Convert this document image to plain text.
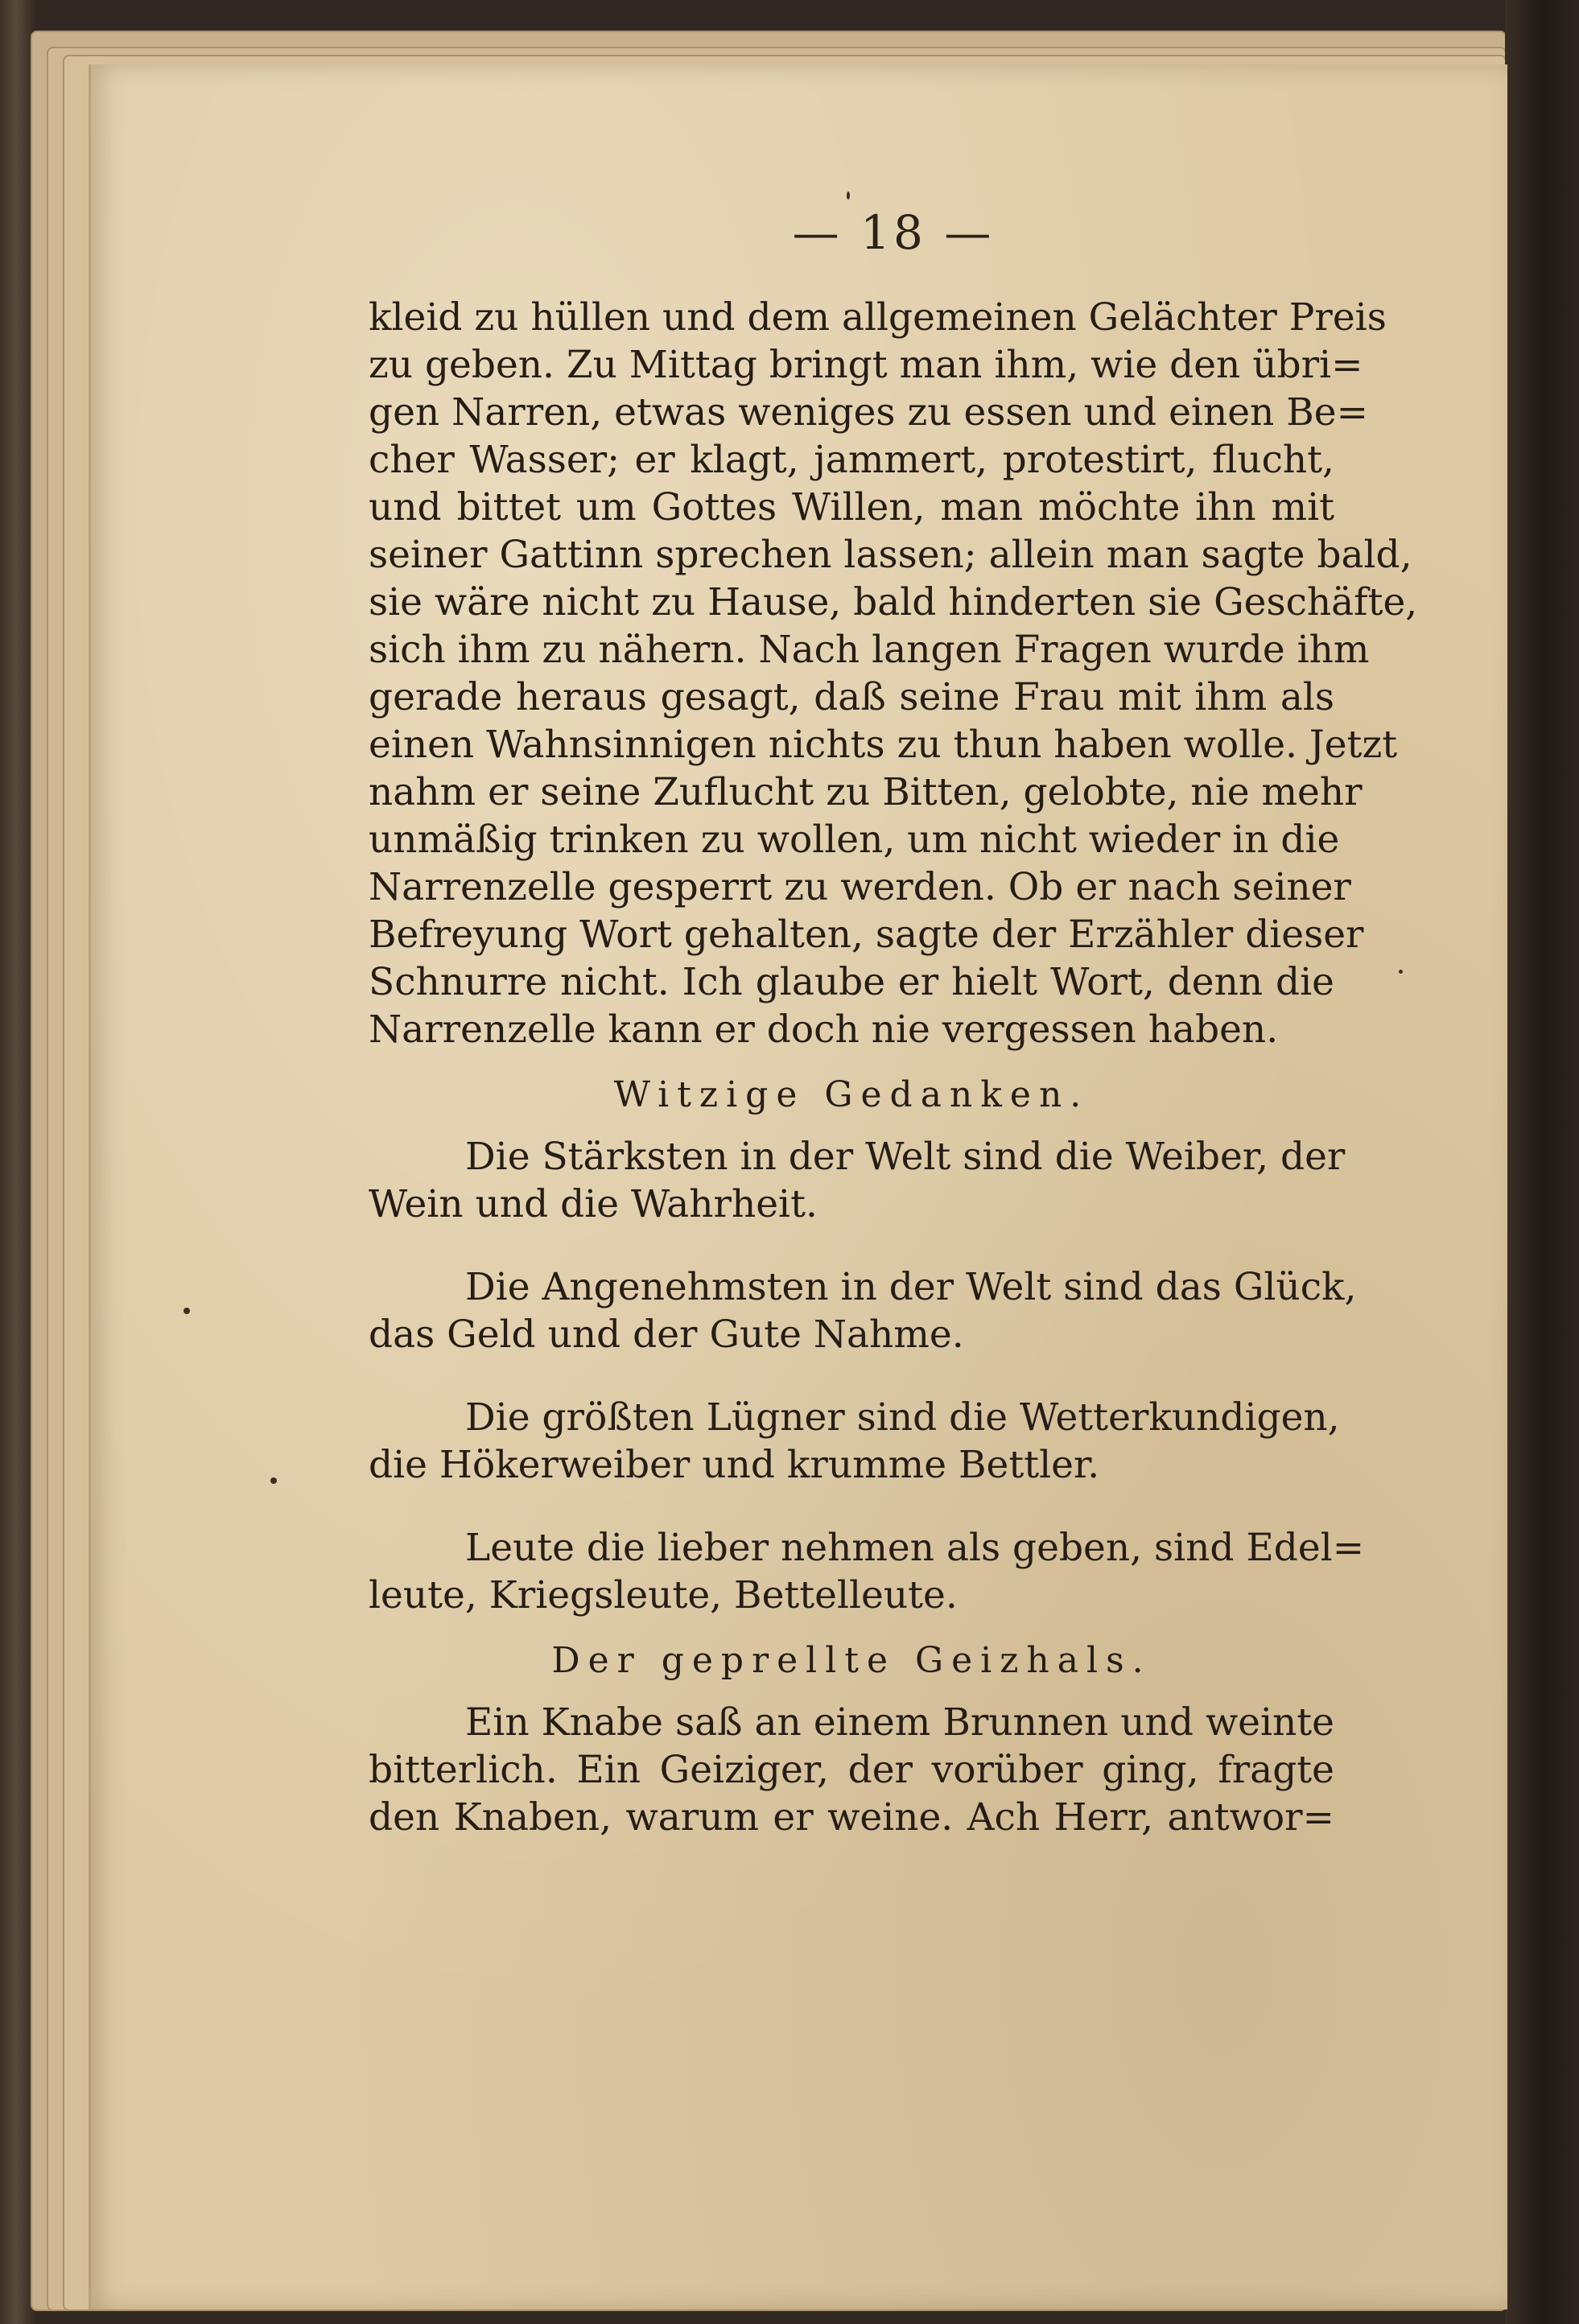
— 18 —
kleid zu hüllen und dem allgemeinen Gelächter Preis
zu geben. Zu Mittag bringt man ihm, wie den übri=
gen Narren, etwas weniges zu essen und einen Be=
cher Wasser; er klagt, jammert, protestirt, flucht,
und bittet um Gottes Willen, man möchte ihn mit
seiner Gattinn sprechen lassen; allein man sagte bald,
sie wäre nicht zu Hause, bald hinderten sie Geschäfte,
sich ihm zu nähern. Nach langen Fragen wurde ihm
gerade heraus gesagt, daß seine Frau mit ihm als
einen Wahnsinnigen nichts zu thun haben wolle. Jetzt
nahm er seine Zuflucht zu Bitten, gelobte, nie mehr
unmäßig trinken zu wollen, um nicht wieder in die
Narrenzelle gesperrt zu werden. Ob er nach seiner
Befreyung Wort gehalten, sagte der Erzähler dieser
Schnurre nicht. Ich glaube er hielt Wort, denn die
Narrenzelle kann er doch nie vergessen haben.
Witzige Gedanken.
Die Stärksten in der Welt sind die Weiber, der
Wein und die Wahrheit.
Die Angenehmsten in der Welt sind das Glück,
das Geld und der Gute Nahme.
Die größten Lügner sind die Wetterkundigen,
die Hökerweiber und krumme Bettler.
Leute die lieber nehmen als geben, sind Edel=
leute, Kriegsleute, Bettelleute.
Der geprellte Geizhals.
Ein Knabe saß an einem Brunnen und weinte
bitterlich. Ein Geiziger, der vorüber ging, fragte
den Knaben, warum er weine. Ach Herr, antwor=
